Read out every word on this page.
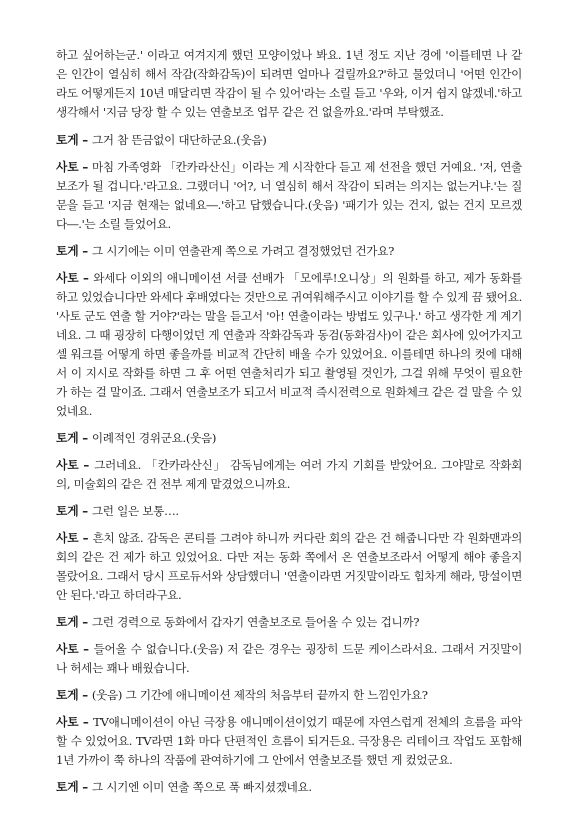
하고 싶어하는군.' 이라고 여겨지게 했던 모양이었나 봐요. 1년 정도 지난 경에 '이를테면 나 같은 인간이 열심히 해서 작감(작화감독)이 되려면 얼마나 걸릴까요?'하고 물었더니 '어떤 인간이라도 어떻게든지 10년 매달리면 작감이 될 수 있어'라는 소릴 듣고 '우와, 이거 쉽지 않겠네.'하고 생각해서 '지금 당장 할 수 있는 연출보조 업무 같은 건 없을까요.'라며 부탁했죠.

토게 – 그거 참 뜬금없이 대단하군요.(웃음)

사토 – 마침 가족영화 「칸카라산신」이라는 게 시작한다 듣고 제 선전을 했던 거예요. '저, 연출보조가 될 겁니다.'라고요. 그랬더니 '어?, 너 열심히 해서 작감이 되려는 의지는 없는거냐.'는 질문을 듣고 '지금 현재는 없네요―.'하고 답했습니다.(웃음) '패기가 있는 건지, 없는 건지 모르겠다―.'는 소릴 들었어요.

토게 – 그 시기에는 이미 연출관계 쪽으로 가려고 결정했었던 건가요?

사토 – 와세다 이외의 애니메이션 서클 선배가 「모에루!오니상」의 원화를 하고, 제가 동화를 하고 있었습니다만 와세다 후배였다는 것만으로 귀여워해주시고 이야기를 할 수 있게 끔 됐어요. '사토 군도 연출 할 거야?'라는 말을 듣고서 '아! 연출이라는 방법도 있구나.' 하고 생각한 게 계기네요. 그 때 굉장히 다행이었던 게 연출과 작화감독과 동검(동화검사)이 같은 회사에 있어가지고 셀 워크를 어떻게 하면 좋을까를 비교적 간단히 배울 수가 있었어요. 이를테면 하나의 컷에 대해서 이 지시로 작화를 하면 그 후 어떤 연출처리가 되고 촬영될 것인가, 그걸 위해 무엇이 필요한가 하는 걸 말이죠. 그래서 연출보조가 되고서 비교적 즉시전력으로 원화체크 같은 걸 말을 수 있었네요.

토게 – 이례적인 경위군요.(웃음)

사토 – 그러네요. 「칸카라산신」 감독님에게는 여러 가지 기회를 받았어요. 그야말로 작화회의, 미술회의 같은 건 전부 제게 맡겼었으니까요.

토게 – 그런 일은 보통….

사토 – 흔치 않죠. 감독은 콘티를 그려야 하니까 커다란 회의 같은 건 해줍니다만 각 원화맨과의 회의 같은 건 제가 하고 있었어요. 다만 저는 동화 쪽에서 온 연출보조라서 어떻게 해야 좋을지 몰랐어요. 그래서 당시 프로듀서와 상담했더니 '연출이라면 거짓말이라도 힘차게 해라, 망설이면 안 된다.'라고 하더라구요.

토게 – 그런 경력으로 동화에서 갑자기 연출보조로 들어올 수 있는 겁니까?

사토 – 들어올 수 없습니다.(웃음) 저 같은 경우는 굉장히 드문 케이스라서요. 그래서 거짓말이나 허세는 꽤나 배웠습니다.

토게 – (웃음) 그 기간에 애니메이션 제작의 처음부터 끝까지 한 느낌인가요?

사토 – TV애니메이션이 아닌 극장용 애니메이션이었기 때문에 자연스럽게 전체의 흐름을 파악할 수 있었어요. TV라면 1화 마다 단편적인 흐름이 되거든요. 극장용은 리테이크 작업도 포함해 1년 가까이 쭉 하나의 작품에 관여하기에 그 안에서 연출보조를 했던 게 컸었군요.

토게 – 그 시기엔 이미 연출 쪽으로 푹 빠지셨겠네요.
